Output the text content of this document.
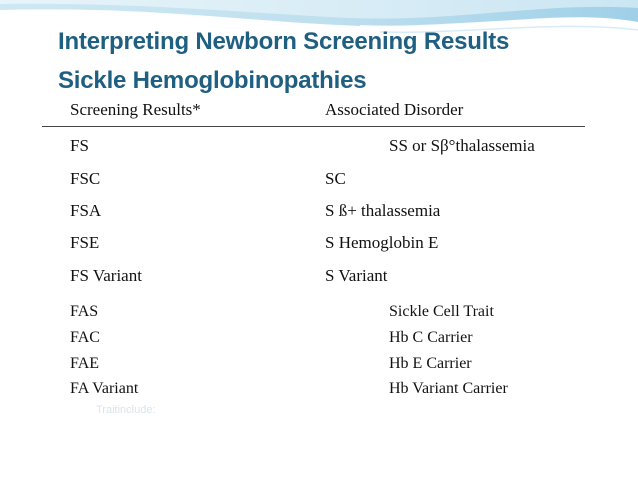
Interpreting Newborn Screening Results
Sickle Hemoglobinopathies
Screening Results*	Associated Disorder
FS	SS or Sβ°thalassemia
FSC	SC
FSA	S ß+ thalassemia
FSE	S Hemoglobin E
FS Variant	S Variant
FAS	Sickle Cell Trait
FAC	Hb C Carrier
FAE	Hb E Carrier
FA Variant	Hb Variant Carrier
Traitinclude:
